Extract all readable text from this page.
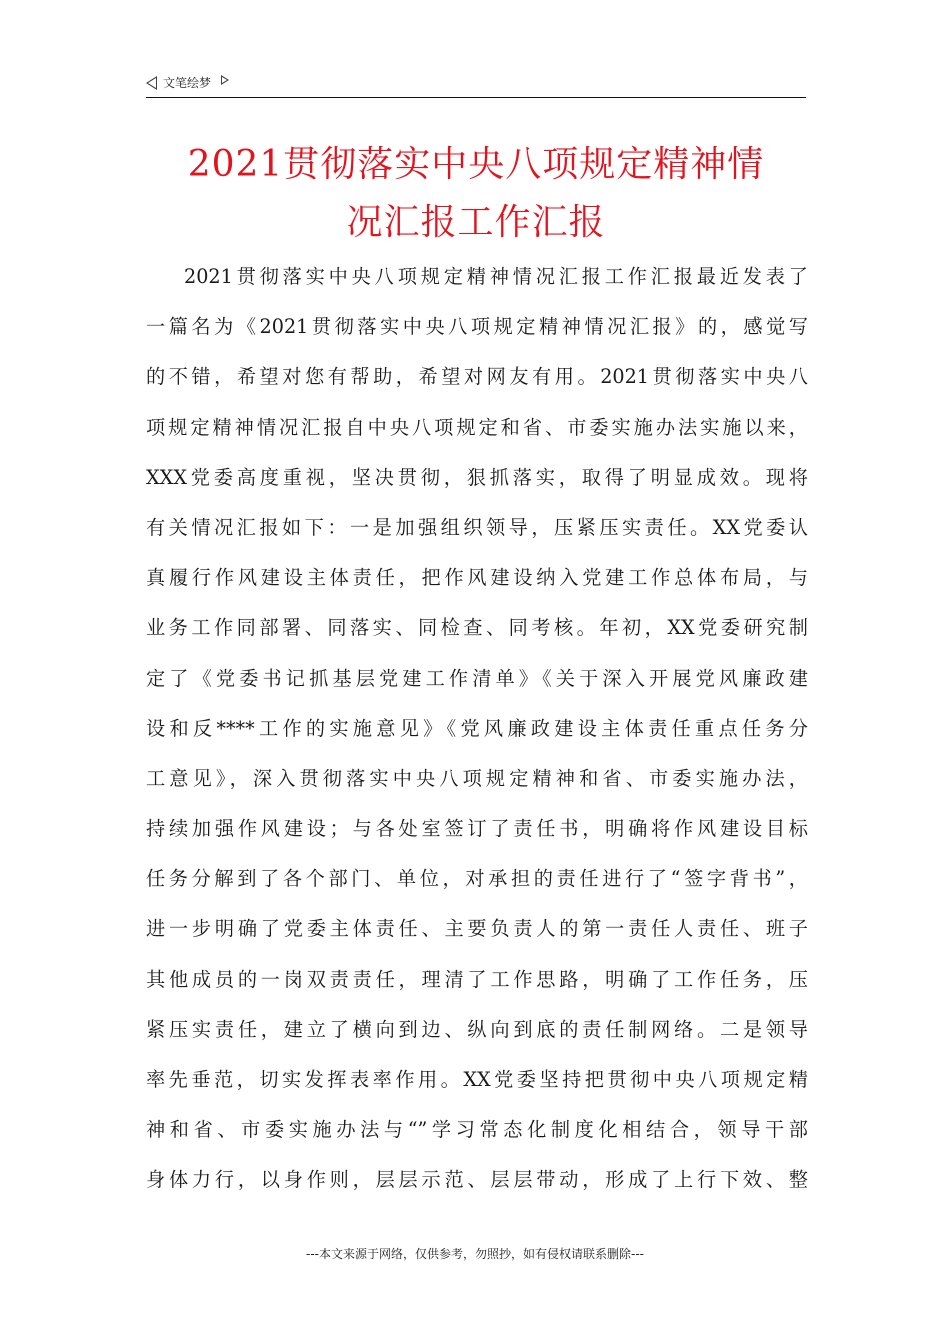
文笔绘梦
2021贯彻落实中央八项规定精神情
况汇报工作汇报
2021贯彻落实中央八项规定精神情况汇报工作汇报最近发表了
一篇名为《2021贯彻落实中央八项规定精神情况汇报》的，感觉写
的不错，希望对您有帮助，希望对网友有用。2021贯彻落实中央八
项规定精神情况汇报自中央八项规定和省、市委实施办法实施以来，
XXX党委高度重视，坚决贯彻，狠抓落实，取得了明显成效。现将
有关情况汇报如下：一是加强组织领导，压紧压实责任。XX党委认
真履行作风建设主体责任，把作风建设纳入党建工作总体布局，与
业务工作同部署、同落实、同检查、同考核。年初，XX党委研究制
定了《党委书记抓基层党建工作清单》《关于深入开展党风廉政建
设和反****工作的实施意见》《党风廉政建设主体责任重点任务分
工意见》，深入贯彻落实中央八项规定精神和省、市委实施办法，
持续加强作风建设；与各处室签订了责任书，明确将作风建设目标
任务分解到了各个部门、单位，对承担的责任进行了“签字背书”，
进一步明确了党委主体责任、主要负责人的第一责任人责任、班子
其他成员的一岗双责责任，理清了工作思路，明确了工作任务，压
紧压实责任，建立了横向到边、纵向到底的责任制网络。二是领导
率先垂范，切实发挥表率作用。XX党委坚持把贯彻中央八项规定精
神和省、市委实施办法与“”学习常态化制度化相结合，领导干部
身体力行，以身作则，层层示范、层层带动，形成了上行下效、整
---本文来源于网络，仅供参考，勿照抄，如有侵权请联系删除---
